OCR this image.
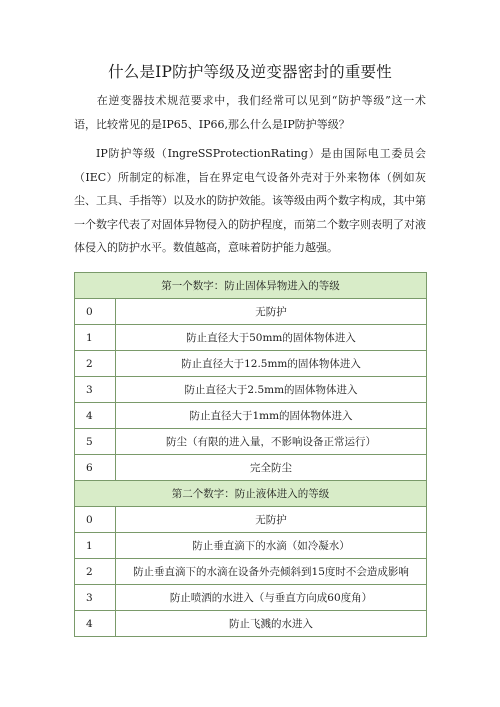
什么是IP防护等级及逆变器密封的重要性
在逆变器技术规范要求中，我们经常可以见到“防护等级”这一术语，比较常见的是IP65、IP66,那么什么是IP防护等级？
IP防护等级（IngreSSProtectionRating）是由国际电工委员会（IEC）所制定的标准，旨在界定电气设备外壳对于外来物体（例如灰尘、工具、手指等）以及水的防护效能。该等级由两个数字构成，其中第一个数字代表了对固体异物侵入的防护程度，而第二个数字则表明了对液体侵入的防护水平。数值越高，意味着防护能力越强。
第一个数字：防止固体异物进入的等级	
0	无防护
1	防止直径大于50mm的固体物体进入
2	防止直径大于12.5mm的固体物体进入
3	防止直径大于2.5mm的固体物体进入
4	防止直径大于1mm的固体物体进入
5	防尘（有限的进入量，不影响设备正常运行）
6	完全防尘
第二个数字：防止液体进入的等级	
0	无防护
1	防止垂直滴下的水滴（如冷凝水）
2	防止垂直滴下的水滴在设备外壳倾斜到15度时不会造成影响
3	防止喷洒的水进入（与垂直方向成60度角）
4	防止飞溅的水进入
